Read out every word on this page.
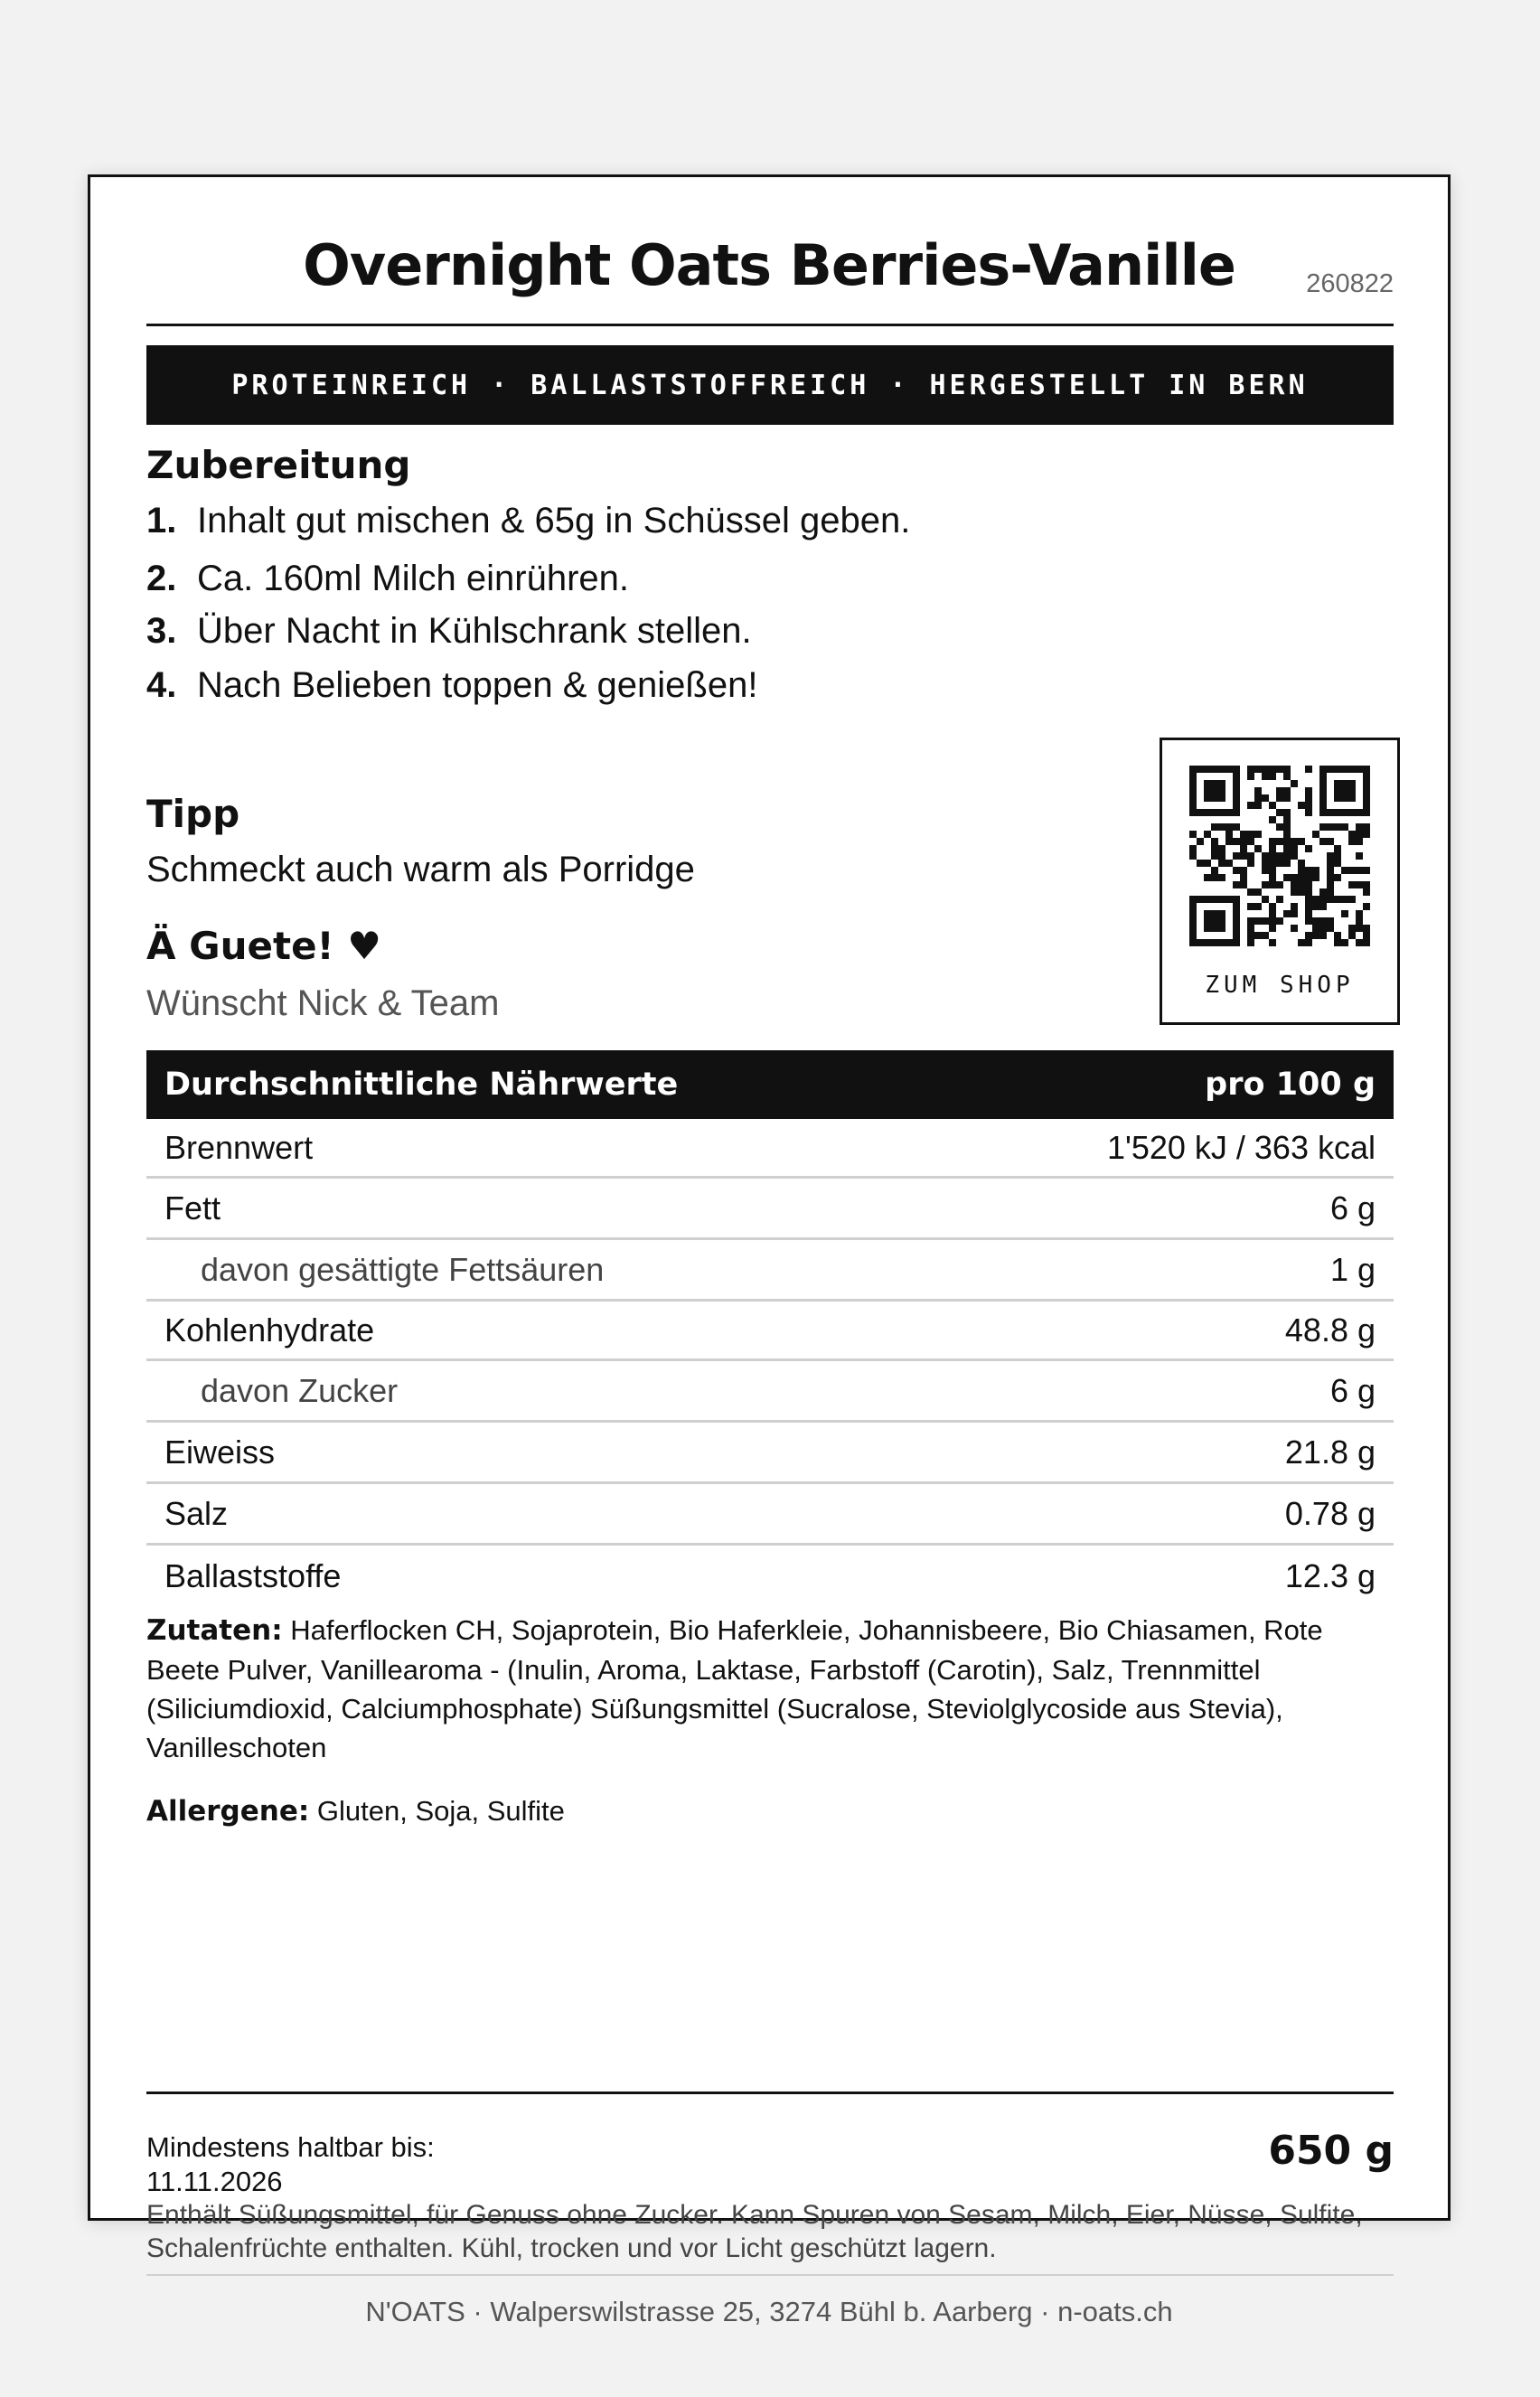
Overnight Oats Berries-Vanille	260822
PROTEINREICH · BALLASTSTOFFREICH · HERGESTELLT IN BERN
Zubereitung
1. Inhalt gut mischen & 65g in Schüssel geben.
2. Ca. 160ml Milch einrühren.
3. Über Nacht in Kühlschrank stellen.
4. Nach Belieben toppen & genießen!
Tipp
Schmeckt auch warm als Porridge
Ä Guete! ♥
Wünscht Nick & Team	ZUM SHOP
Durchschnittliche Nährwerte	pro 100 g
Brennwert	1'520 kJ / 363 kcal
Fett	6 g
davon gesättigte Fettsäuren	1 g
Kohlenhydrate	48.8 g
davon Zucker	6 g
Eiweiss	21.8 g
Salz	0.78 g
Ballaststoffe	12.3 g
Zutaten: Haferflocken CH, Sojaprotein, Bio Haferkleie, Johannisbeere, Bio Chiasamen, Rote Beete Pulver, Vanillearoma - (Inulin, Aroma, Laktase, Farbstoff (Carotin), Salz, Trennmittel (Siliciumdioxid, Calciumphosphate) Süßungsmittel (Sucralose, Steviolglycoside aus Stevia), Vanilleschoten
Allergene: Gluten, Soja, Sulfite
Mindestens haltbar bis:
11.11.2026
650 g
Enthält Süßungsmittel, für Genuss ohne Zucker. Kann Spuren von Sesam, Milch, Eier, Nüsse, Sulfite, Schalenfrüchte enthalten. Kühl, trocken und vor Licht geschützt lagern.
N'OATS · Walperswilstrasse 25, 3274 Bühl b. Aarberg · n-oats.ch
